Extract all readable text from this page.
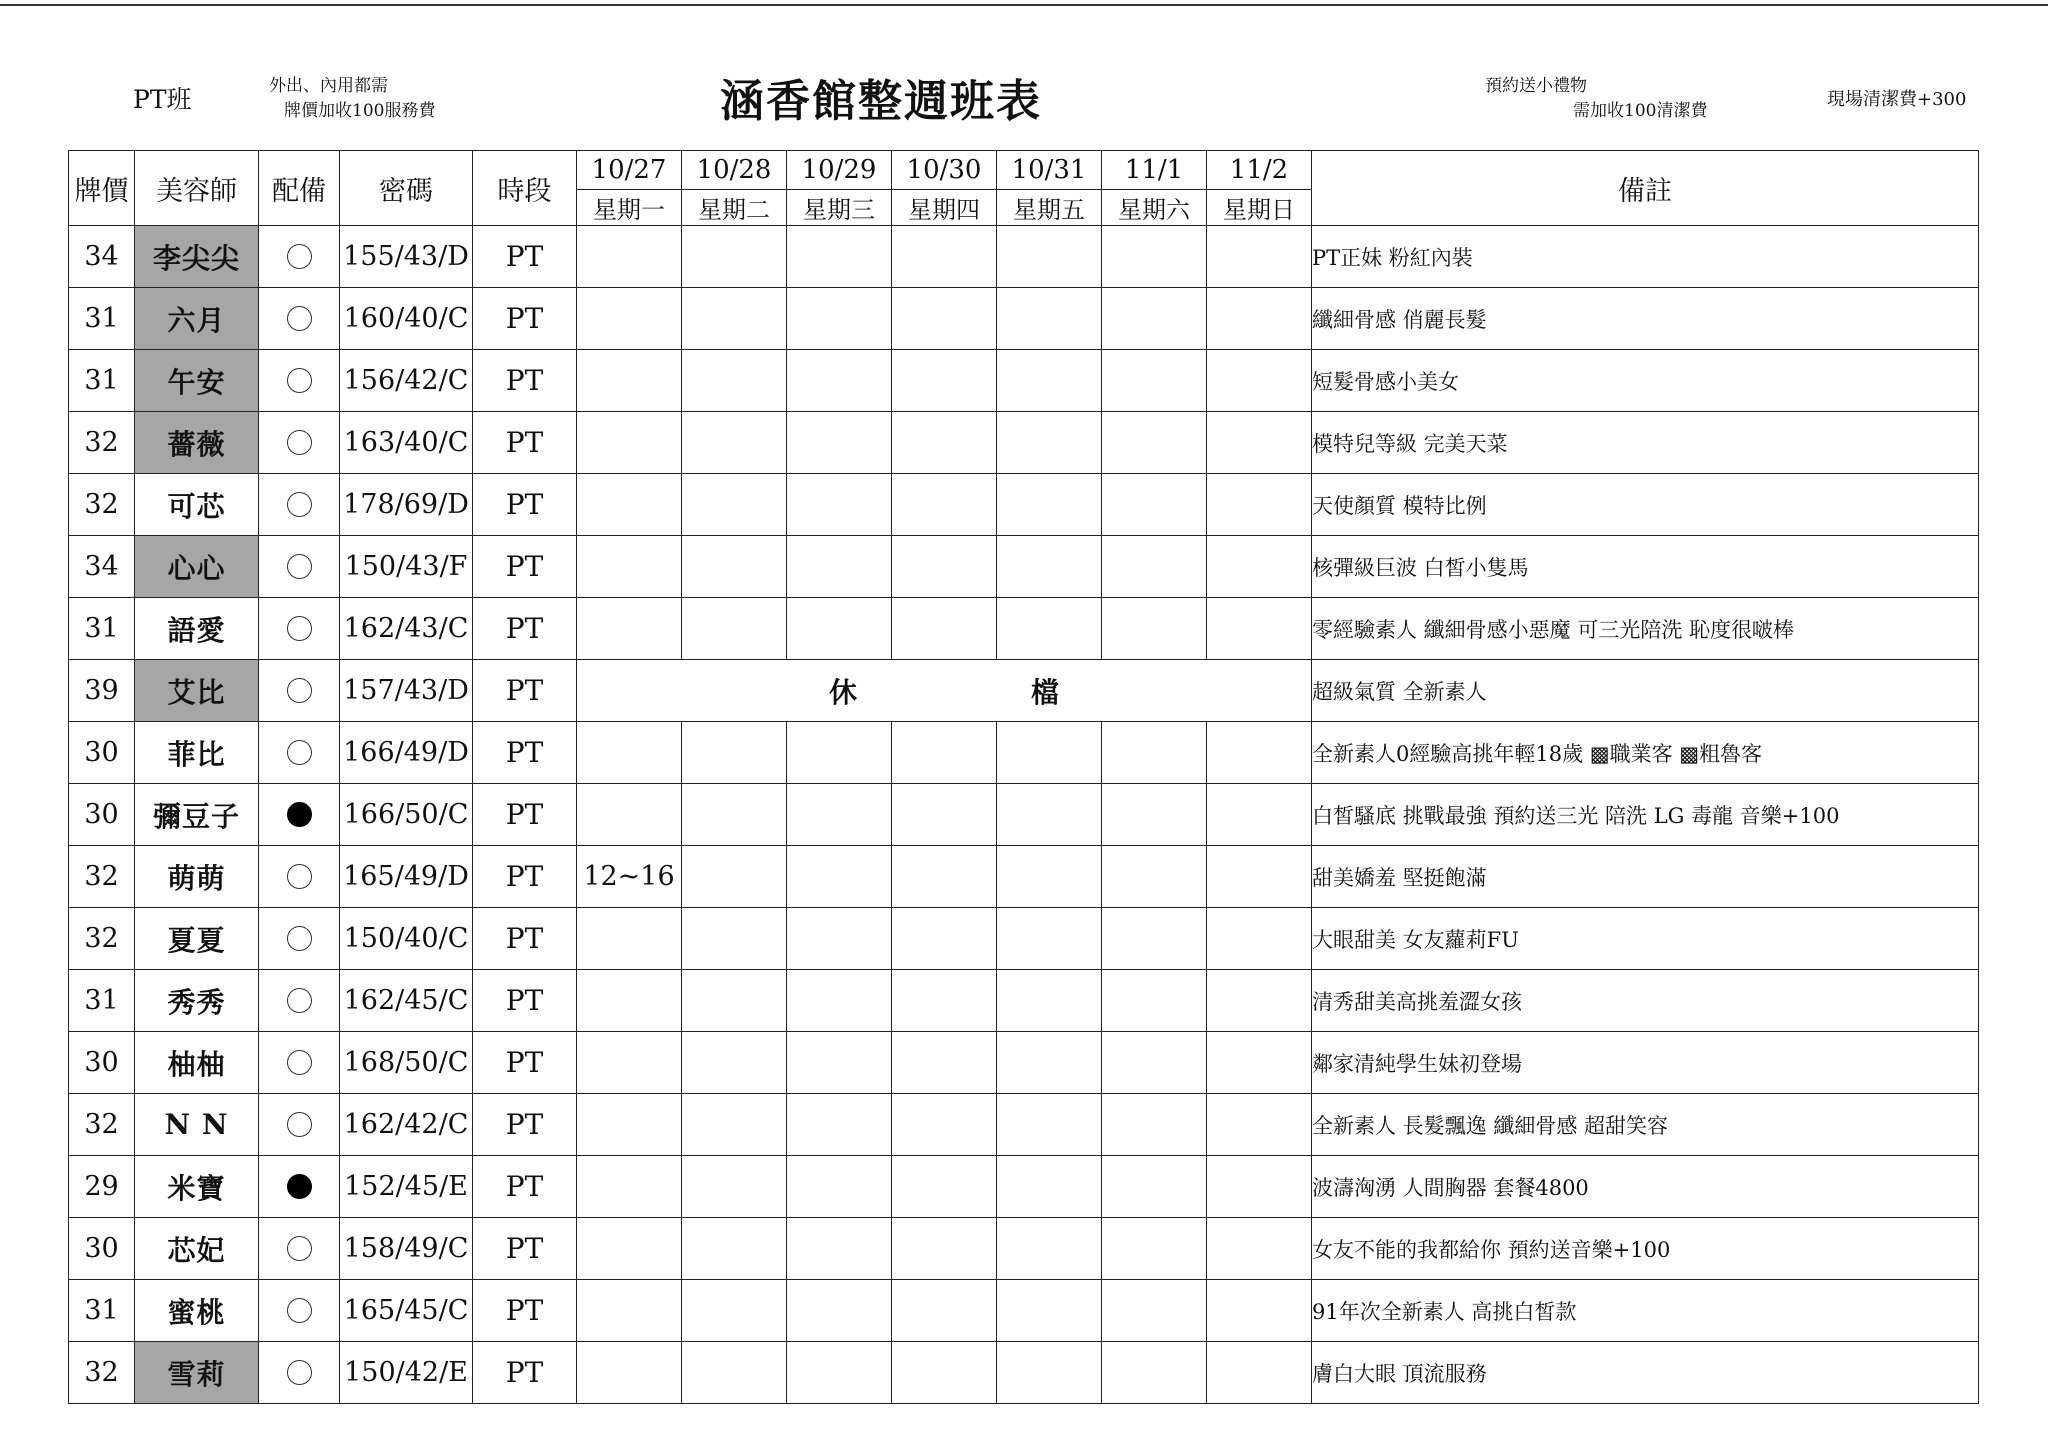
PT班	外出、內用都需
牌價加收100服務費	涵香館整週班表	預約送小禮物
需加收100清潔費
現場清潔費+300
牌價	美容師	配備	密碼	時段	10/27	10/28	10/29	10/30	10/31	11/1	11/2	備註
					星期一	星期二	星期三	星期四	星期五	星期六	星期日	
34	李尖尖		155/43/D	PT								PT正妹 粉紅內裝
31	六月		160/40/C	PT								纖細骨感 俏麗長髮
31	午安		156/42/C	PT								短髮骨感小美女
32	薔薇		163/40/C	PT								模特兒等級 完美天菜
32	可芯		178/69/D	PT								天使顏質 模特比例
34	心心		150/43/F	PT								核彈級巨波 白皙小隻馬
31	語愛		162/43/C	PT								零經驗素人 纖細骨感小惡魔 可三光陪洗 恥度很啵棒
39	艾比		157/43/D	PT	休 檔							超級氣質 全新素人
30	菲比		166/49/D	PT								全新素人0經驗高挑年輕18歲 ▩職業客 ▩粗魯客
30	彌豆子		166/50/C	PT								白皙騷底 挑戰最強 預約送三光 陪洗 LG 毒龍 音樂+100
32	萌萌		165/49/D	PT	12~16							甜美嬌羞 堅挺飽滿
32	夏夏		150/40/C	PT								大眼甜美 女友蘿莉FU
31	秀秀		162/45/C	PT								清秀甜美高挑羞澀女孩
30	柚柚		168/50/C	PT								鄰家清純學生妹初登場
32	N N		162/42/C	PT								全新素人 長髮飄逸 纖細骨感 超甜笑容
29	米寶		152/45/E	PT								波濤洶湧 人間胸器 套餐4800
30	芯妃		158/49/C	PT								女友不能的我都給你 預約送音樂+100
31	蜜桃		165/45/C	PT								91年次全新素人 高挑白皙款
32	雪莉		150/42/E	PT								膚白大眼 頂流服務
